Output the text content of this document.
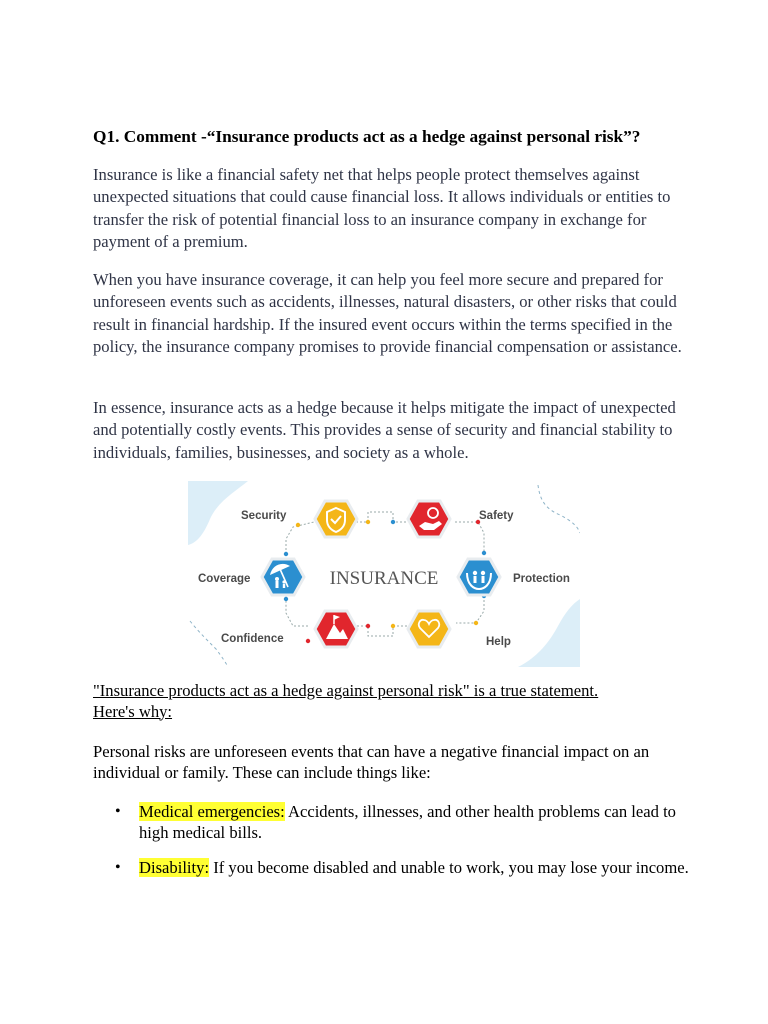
Q1. Comment -“Insurance products act as a hedge against personal risk”?

Insurance is like a financial safety net that helps people protect themselves against unexpected situations that could cause financial loss. It allows individuals or entities to transfer the risk of potential financial loss to an insurance company in exchange for payment of a premium.

When you have insurance coverage, it can help you feel more secure and prepared for unforeseen events such as accidents, illnesses, natural disasters, or other risks that could result in financial hardship. If the insured event occurs within the terms specified in the policy, the insurance company promises to provide financial compensation or assistance.

In essence, insurance acts as a hedge because it helps mitigate the impact of unexpected and potentially costly events. This provides a sense of security and financial stability to individuals, families, businesses, and society as a whole.

INSURANCE
Security	Safety
Coverage	Protection
Confidence	Help
"Insurance products act as a hedge against personal risk" is a true statement.
Here's why:

Personal risks are unforeseen events that can have a negative financial impact on an individual or family. These can include things like:

• Medical emergencies: Accidents, illnesses, and other health problems can lead to high medical bills.
• Disability: If you become disabled and unable to work, you may lose your income.
